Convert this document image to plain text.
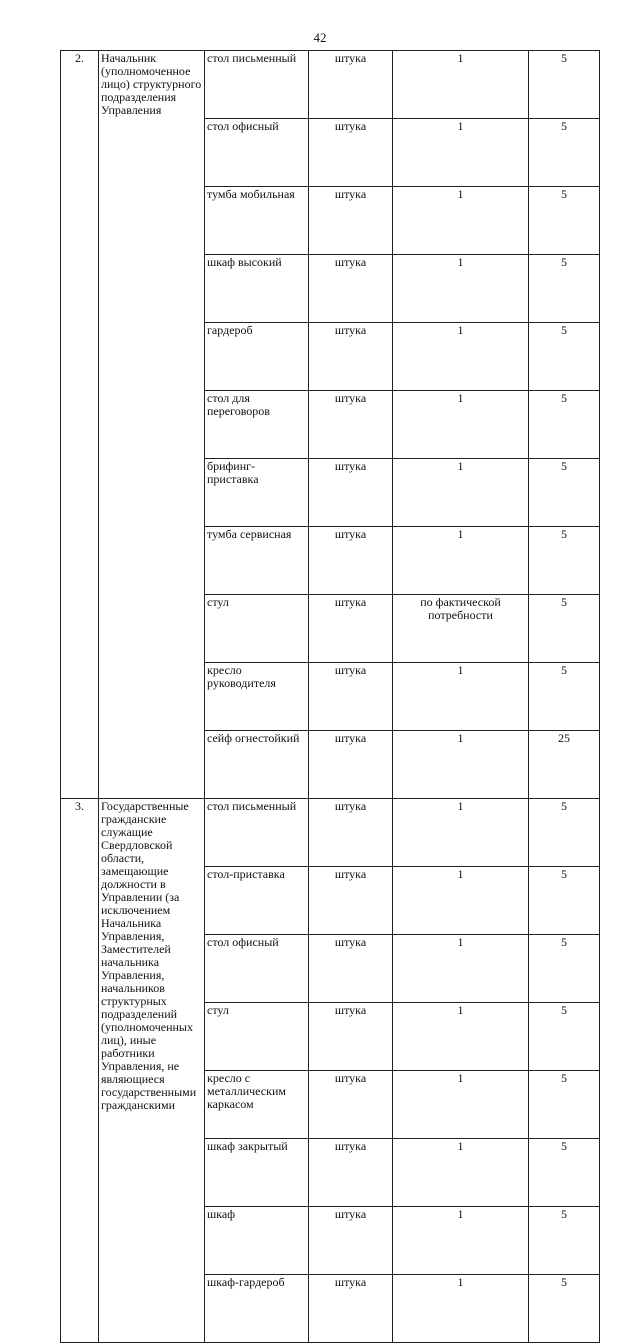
42
2.	Начальник (уполномоченное лицо) структурного подразделения Управления	стол письменный	штука	1	5	
		стол офисный	штука	1	5	
		тумба мобильная	штука	1	5	
		шкаф высокий	штука	1	5	
		гардероб	штука	1	5	
		стол для переговоров	штука	1	5	
		брифинг-приставка	штука	1	5	
		тумба сервисная	штука	1	5	
		стул	штука	по фактической потребности	5	
		кресло руководителя	штука	1	5	
		сейф огнестойкий	штука	1	25	
3.	Государственные гражданские служащие Свердловской области, замещающие должности в Управлении (за исключением Начальника Управления, Заместителей начальника Управления, начальников структурных подразделений (уполномоченных лиц), иные работники Управления, не являющиеся государственными гражданскими	стол письменный	штука	1	5	
		стол-приставка	штука	1	5	
		стол офисный	штука	1	5	
		стул	штука	1	5	
		кресло с металлическим каркасом	штука	1	5	
		шкаф закрытый	штука	1	5	
		шкаф	штука	1	5	
		шкаф-гардероб	штука	1	5	
